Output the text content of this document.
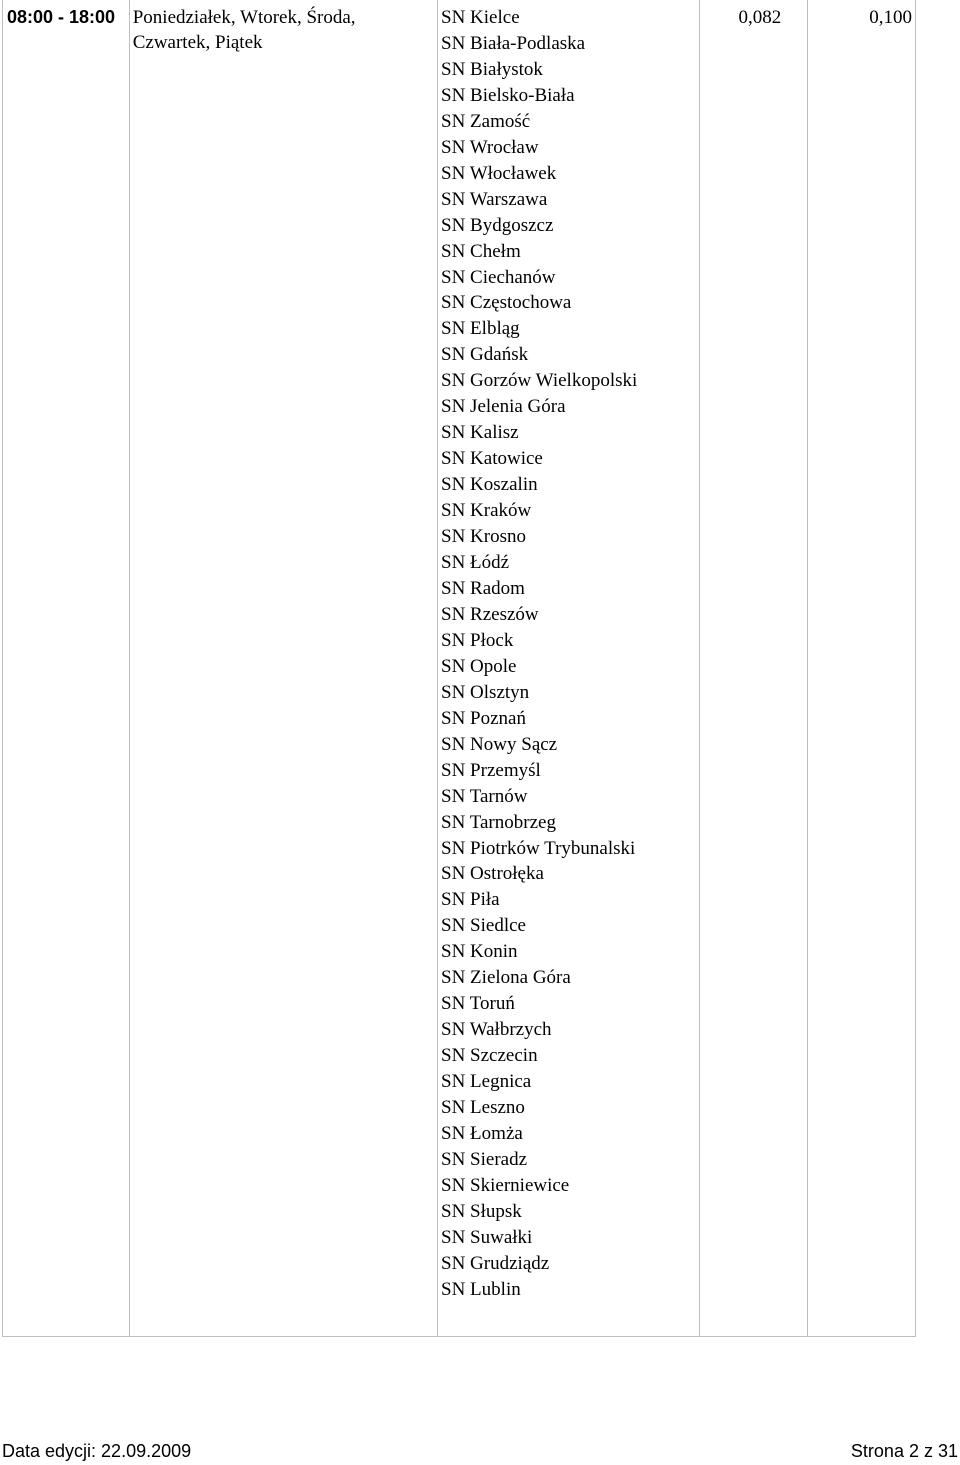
08:00 - 18:00 Poniedziałek, Wtorek, Środa, Czwartek, Piątek
SN Kielce
SN Biała-Podlaska
SN Białystok
SN Bielsko-Biała
SN Zamość
SN Wrocław
SN Włocławek
SN Warszawa
SN Bydgoszcz
SN Chełm
SN Ciechanów
SN Częstochowa
SN Elbląg
SN Gdańsk
SN Gorzów Wielkopolski
SN Jelenia Góra
SN Kalisz
SN Katowice
SN Koszalin
SN Kraków
SN Krosno
SN Łódź
SN Radom
SN Rzeszów
SN Płock
SN Opole
SN Olsztyn
SN Poznań
SN Nowy Sącz
SN Przemyśl
SN Tarnów
SN Tarnobrzeg
SN Piotrków Trybunalski
SN Ostrołęka
SN Piła
SN Siedlce
SN Konin
SN Zielona Góra
SN Toruń
SN Wałbrzych
SN Szczecin
SN Legnica
SN Leszno
SN Łomża
SN Sieradz
SN Skierniewice
SN Słupsk
SN Suwałki
SN Grudziądz
SN Lublin
0,082	0,100
Data edycji: 22.09.2009	Strona 2 z 31
